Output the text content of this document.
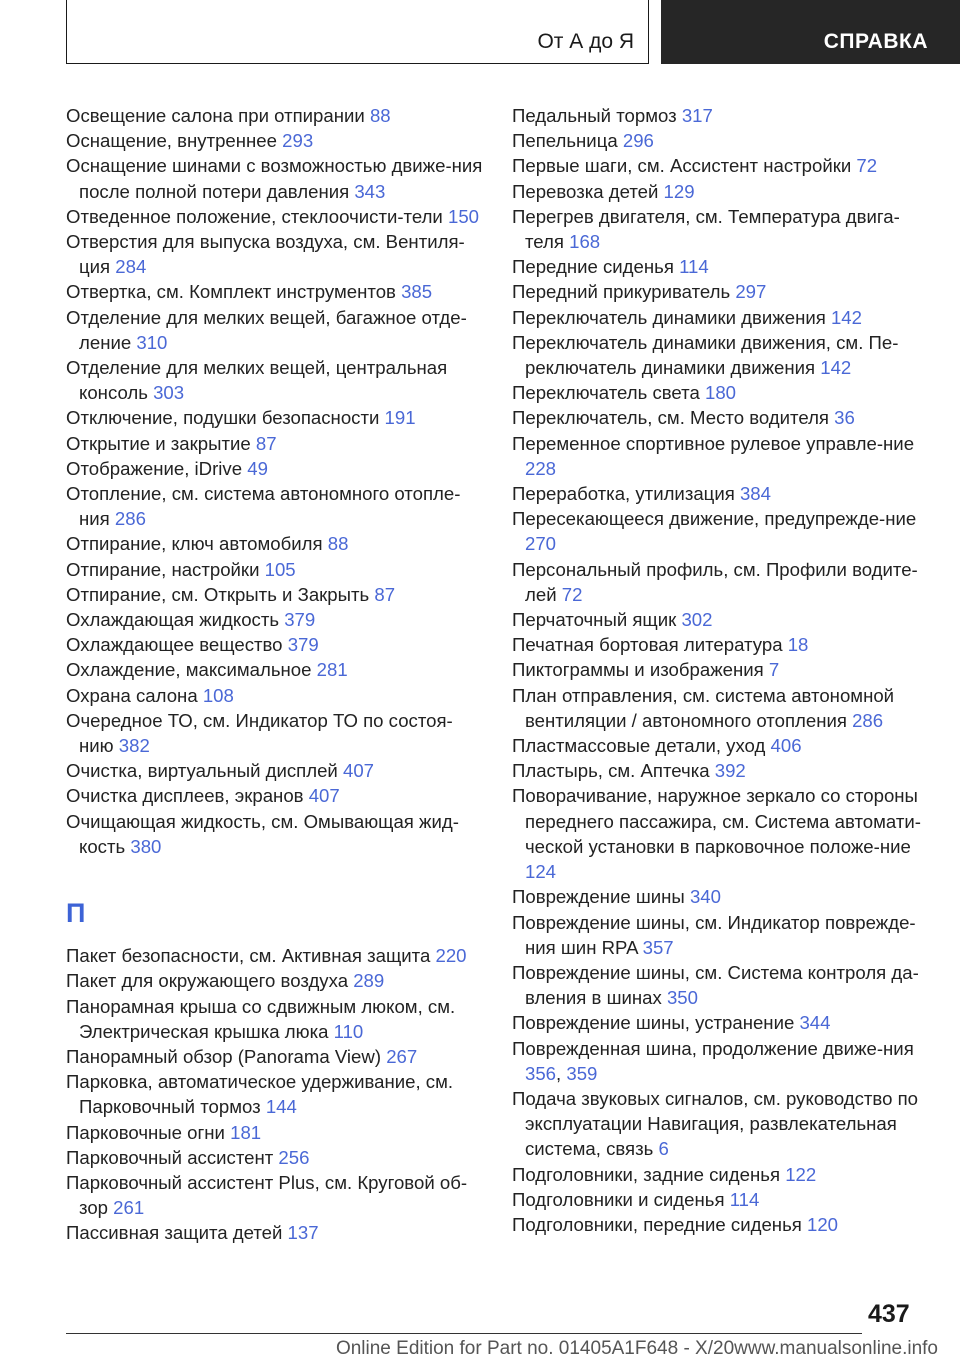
От А до Я	СПРАВКА
Освещение салона при отпирании 88
Оснащение, внутреннее 293
Оснащение шинами с возможностью движе-ния после полной потери давления 343
Отведенное положение, стеклоочисти-тели 150
Отверстия для выпуска воздуха, см. Вентиля-ция 284
Отвертка, см. Комплект инструментов 385
Отделение для мелких вещей, багажное отде-ление 310
Отделение для мелких вещей, центральная консоль 303
Отключение, подушки безопасности 191
Открытие и закрытие 87
Отображение, iDrive 49
Отопление, см. система автономного отопле-ния 286
Отпирание, ключ автомобиля 88
Отпирание, настройки 105
Отпирание, см. Открыть и Закрыть 87
Охлаждающая жидкость 379
Охлаждающее вещество 379
Охлаждение, максимальное 281
Охрана салона 108
Очередное ТО, см. Индикатор ТО по состоя-нию 382
Очистка, виртуальный дисплей 407
Очистка дисплеев, экранов 407
Очищающая жидкость, см. Омывающая жид-кость 380
П
Пакет безопасности, см. Активная защита 220
Пакет для окружающего воздуха 289
Панорамная крыша со сдвижным люком, см. Электрическая крышка люка 110
Панорамный обзор (Panorama View) 267
Парковка, автоматическое удерживание, см. Парковочный тормоз 144
Парковочные огни 181
Парковочный ассистент 256
Парковочный ассистент Plus, см. Круговой об-зор 261
Пассивная защита детей 137
Педальный тормоз 317
Пепельница 296
Первые шаги, см. Ассистент настройки 72
Перевозка детей 129
Перегрев двигателя, см. Температура двига-теля 168
Передние сиденья 114
Передний прикуриватель 297
Переключатель динамики движения 142
Переключатель динамики движения, см. Пе-реключатель динамики движения 142
Переключатель света 180
Переключатель, см. Место водителя 36
Переменное спортивное рулевое управле-ние 228
Переработка, утилизация 384
Пересекающееся движение, предупрежде-ние 270
Персональный профиль, см. Профили водите-лей 72
Перчаточный ящик 302
Печатная бортовая литература 18
Пиктограммы и изображения 7
План отправления, см. система автономной вентиляции / автономного отопления 286
Пластмассовые детали, уход 406
Пластырь, см. Аптечка 392
Поворачивание, наружное зеркало со стороны переднего пассажира, см. Система автомати-ческой установки в парковочное положе-ние 124
Повреждение шины 340
Повреждение шины, см. Индикатор поврежде-ния шин RPA 357
Повреждение шины, см. Система контроля да-вления в шинах 350
Повреждение шины, устранение 344
Поврежденная шина, продолжение движе-ния 356, 359
Подача звуковых сигналов, см. руководство по эксплуатации Навигация, развлекательная система, связь 6
Подголовники, задние сиденья 122
Подголовники и сиденья 114
Подголовники, передние сиденья 120
437
Online Edition for Part no. 01405A1F648 - X/20www.manualsonline.info
